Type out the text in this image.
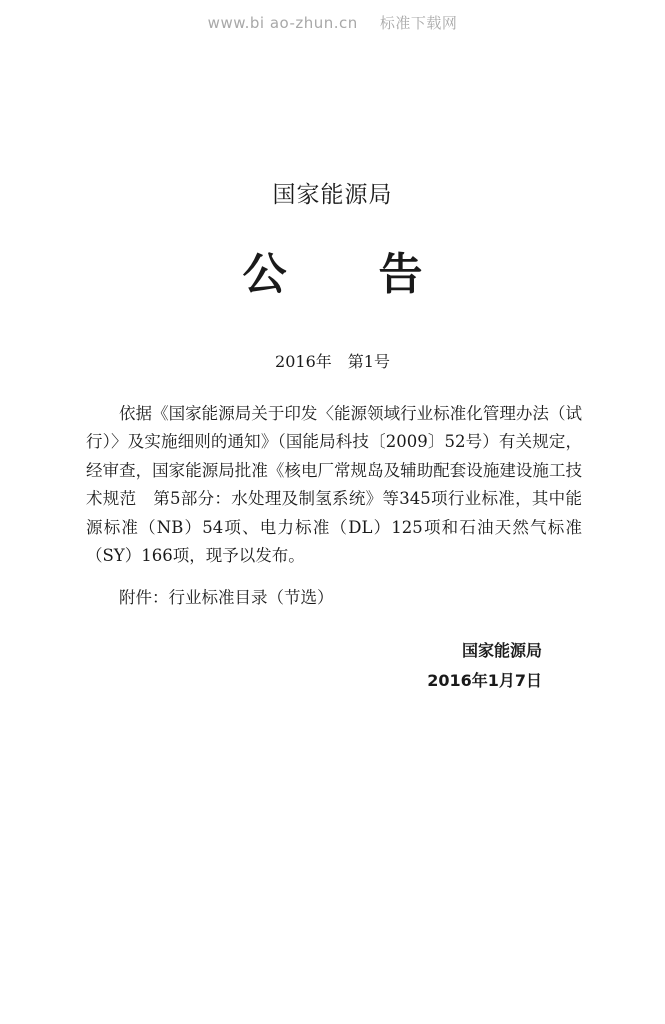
www.bi ao-zhun.cn 标准下载网
国家能源局
公告
2016年　第1号
依据《国家能源局关于印发〈能源领域行业标准化管理办法（试行）〉及实施细则的通知》（国能局科技〔2009〕52号）有关规定，经审查，国家能源局批准《核电厂常规岛及辅助配套设施建设施工技术规范　第5部分：水处理及制氢系统》等345项行业标准，其中能源标准（NB）54项、电力标准（DL）125项和石油天然气标准（SY）166项，现予以发布。
附件：行业标准目录（节选）
国家能源局
2016年1月7日
